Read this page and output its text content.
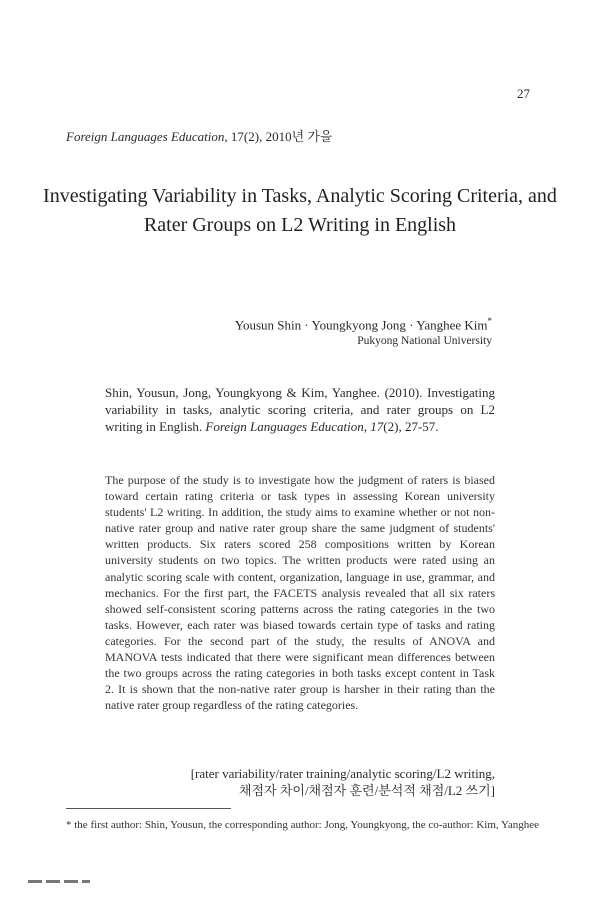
27
Foreign Languages Education, 17(2), 2010년 가을
Investigating Variability in Tasks, Analytic Scoring Criteria, and Rater Groups on L2 Writing in English
Yousun Shin · Youngkyong Jong · Yanghee Kim*
Pukyong National University
Shin, Yousun, Jong, Youngkyong & Kim, Yanghee. (2010). Investigating variability in tasks, analytic scoring criteria, and rater groups on L2 writing in English. Foreign Languages Education, 17(2), 27-57.
The purpose of the study is to investigate how the judgment of raters is biased toward certain rating criteria or task types in assessing Korean university students' L2 writing. In addition, the study aims to examine whether or not non-native rater group and native rater group share the same judgment of students' written products. Six raters scored 258 compositions written by Korean university students on two topics. The written products were rated using an analytic scoring scale with content, organization, language in use, grammar, and mechanics. For the first part, the FACETS analysis revealed that all six raters showed self-consistent scoring patterns across the rating categories in the two tasks. However, each rater was biased towards certain type of tasks and rating categories. For the second part of the study, the results of ANOVA and MANOVA tests indicated that there were significant mean differences between the two groups across the rating categories in both tasks except content in Task 2. It is shown that the non-native rater group is harsher in their rating than the native rater group regardless of the rating categories.
[rater variability/rater training/analytic scoring/L2 writing,
채점자 차이/채점자 훈련/분석적 채점/L2 쓰기]
* the first author: Shin, Yousun, the corresponding author: Jong, Youngkyong, the co-author: Kim, Yanghee
